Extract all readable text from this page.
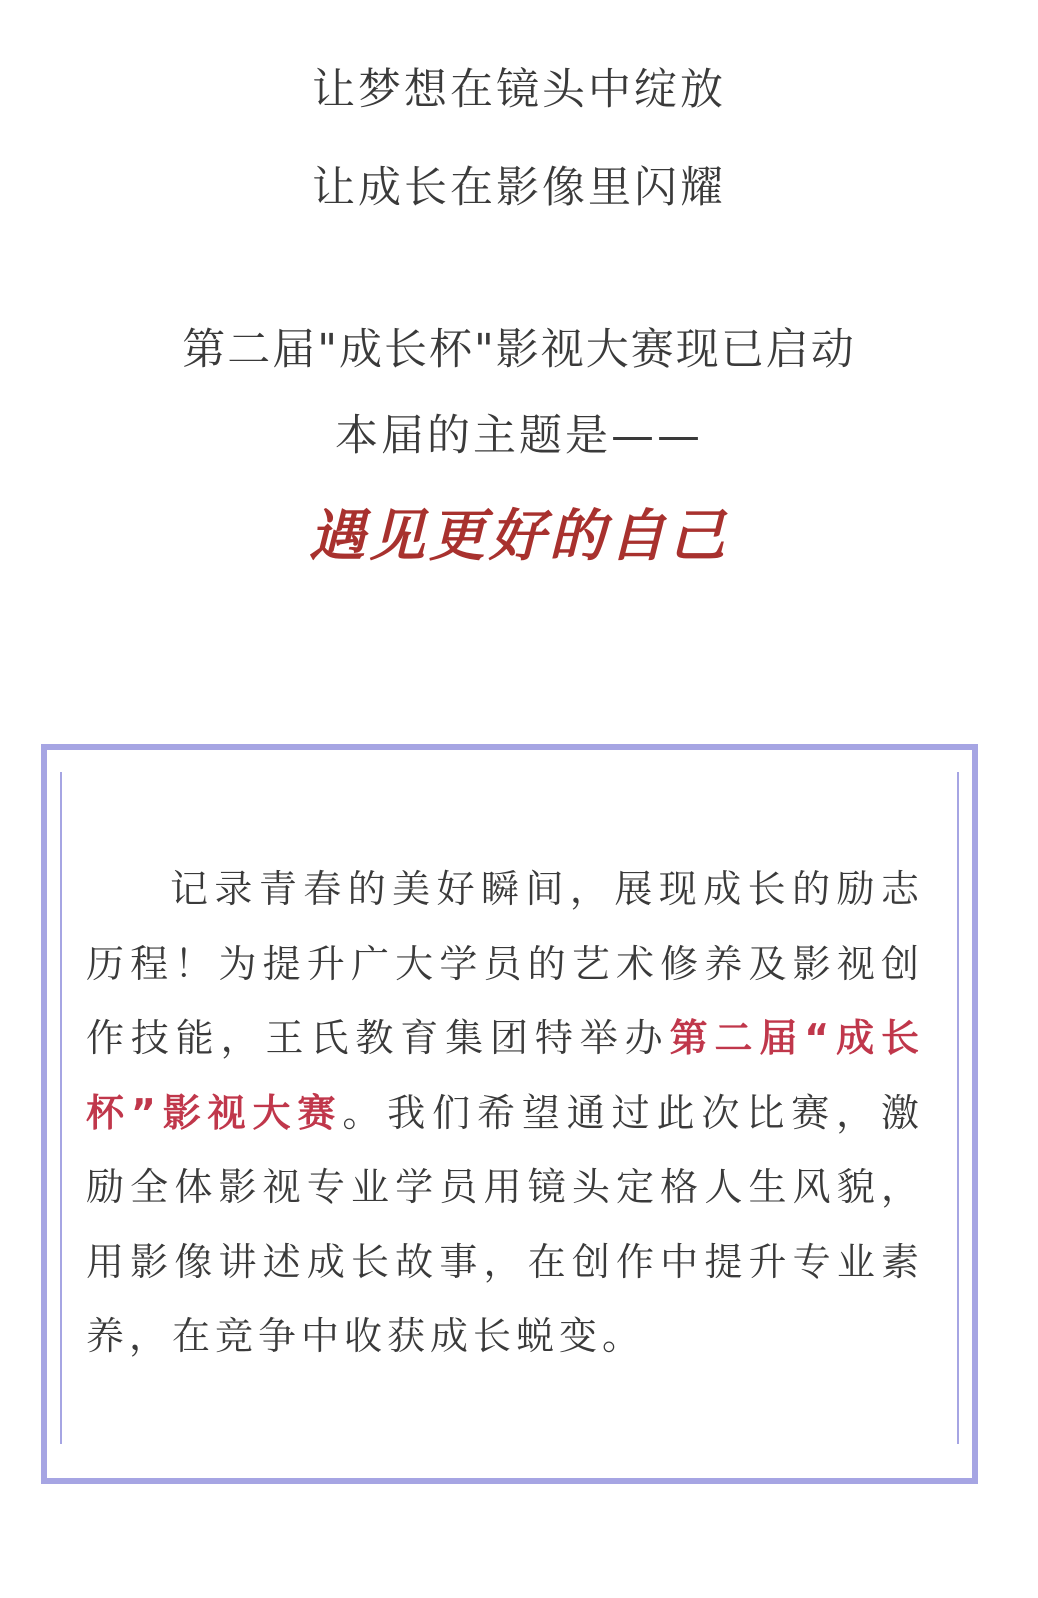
让梦想在镜头中绽放
让成长在影像里闪耀
第二届"成长杯"影视大赛现已启动
本届的主题是——
遇见更好的自己

记录青春的美好瞬间，展现成长的励志历程！为提升广大学员的艺术修养及影视创作技能，王氏教育集团特举办第二届“成长杯”影视大赛。我们希望通过此次比赛，激励全体影视专业学员用镜头定格人生风貌，用影像讲述成长故事，在创作中提升专业素养，在竞争中收获成长蜕变。
